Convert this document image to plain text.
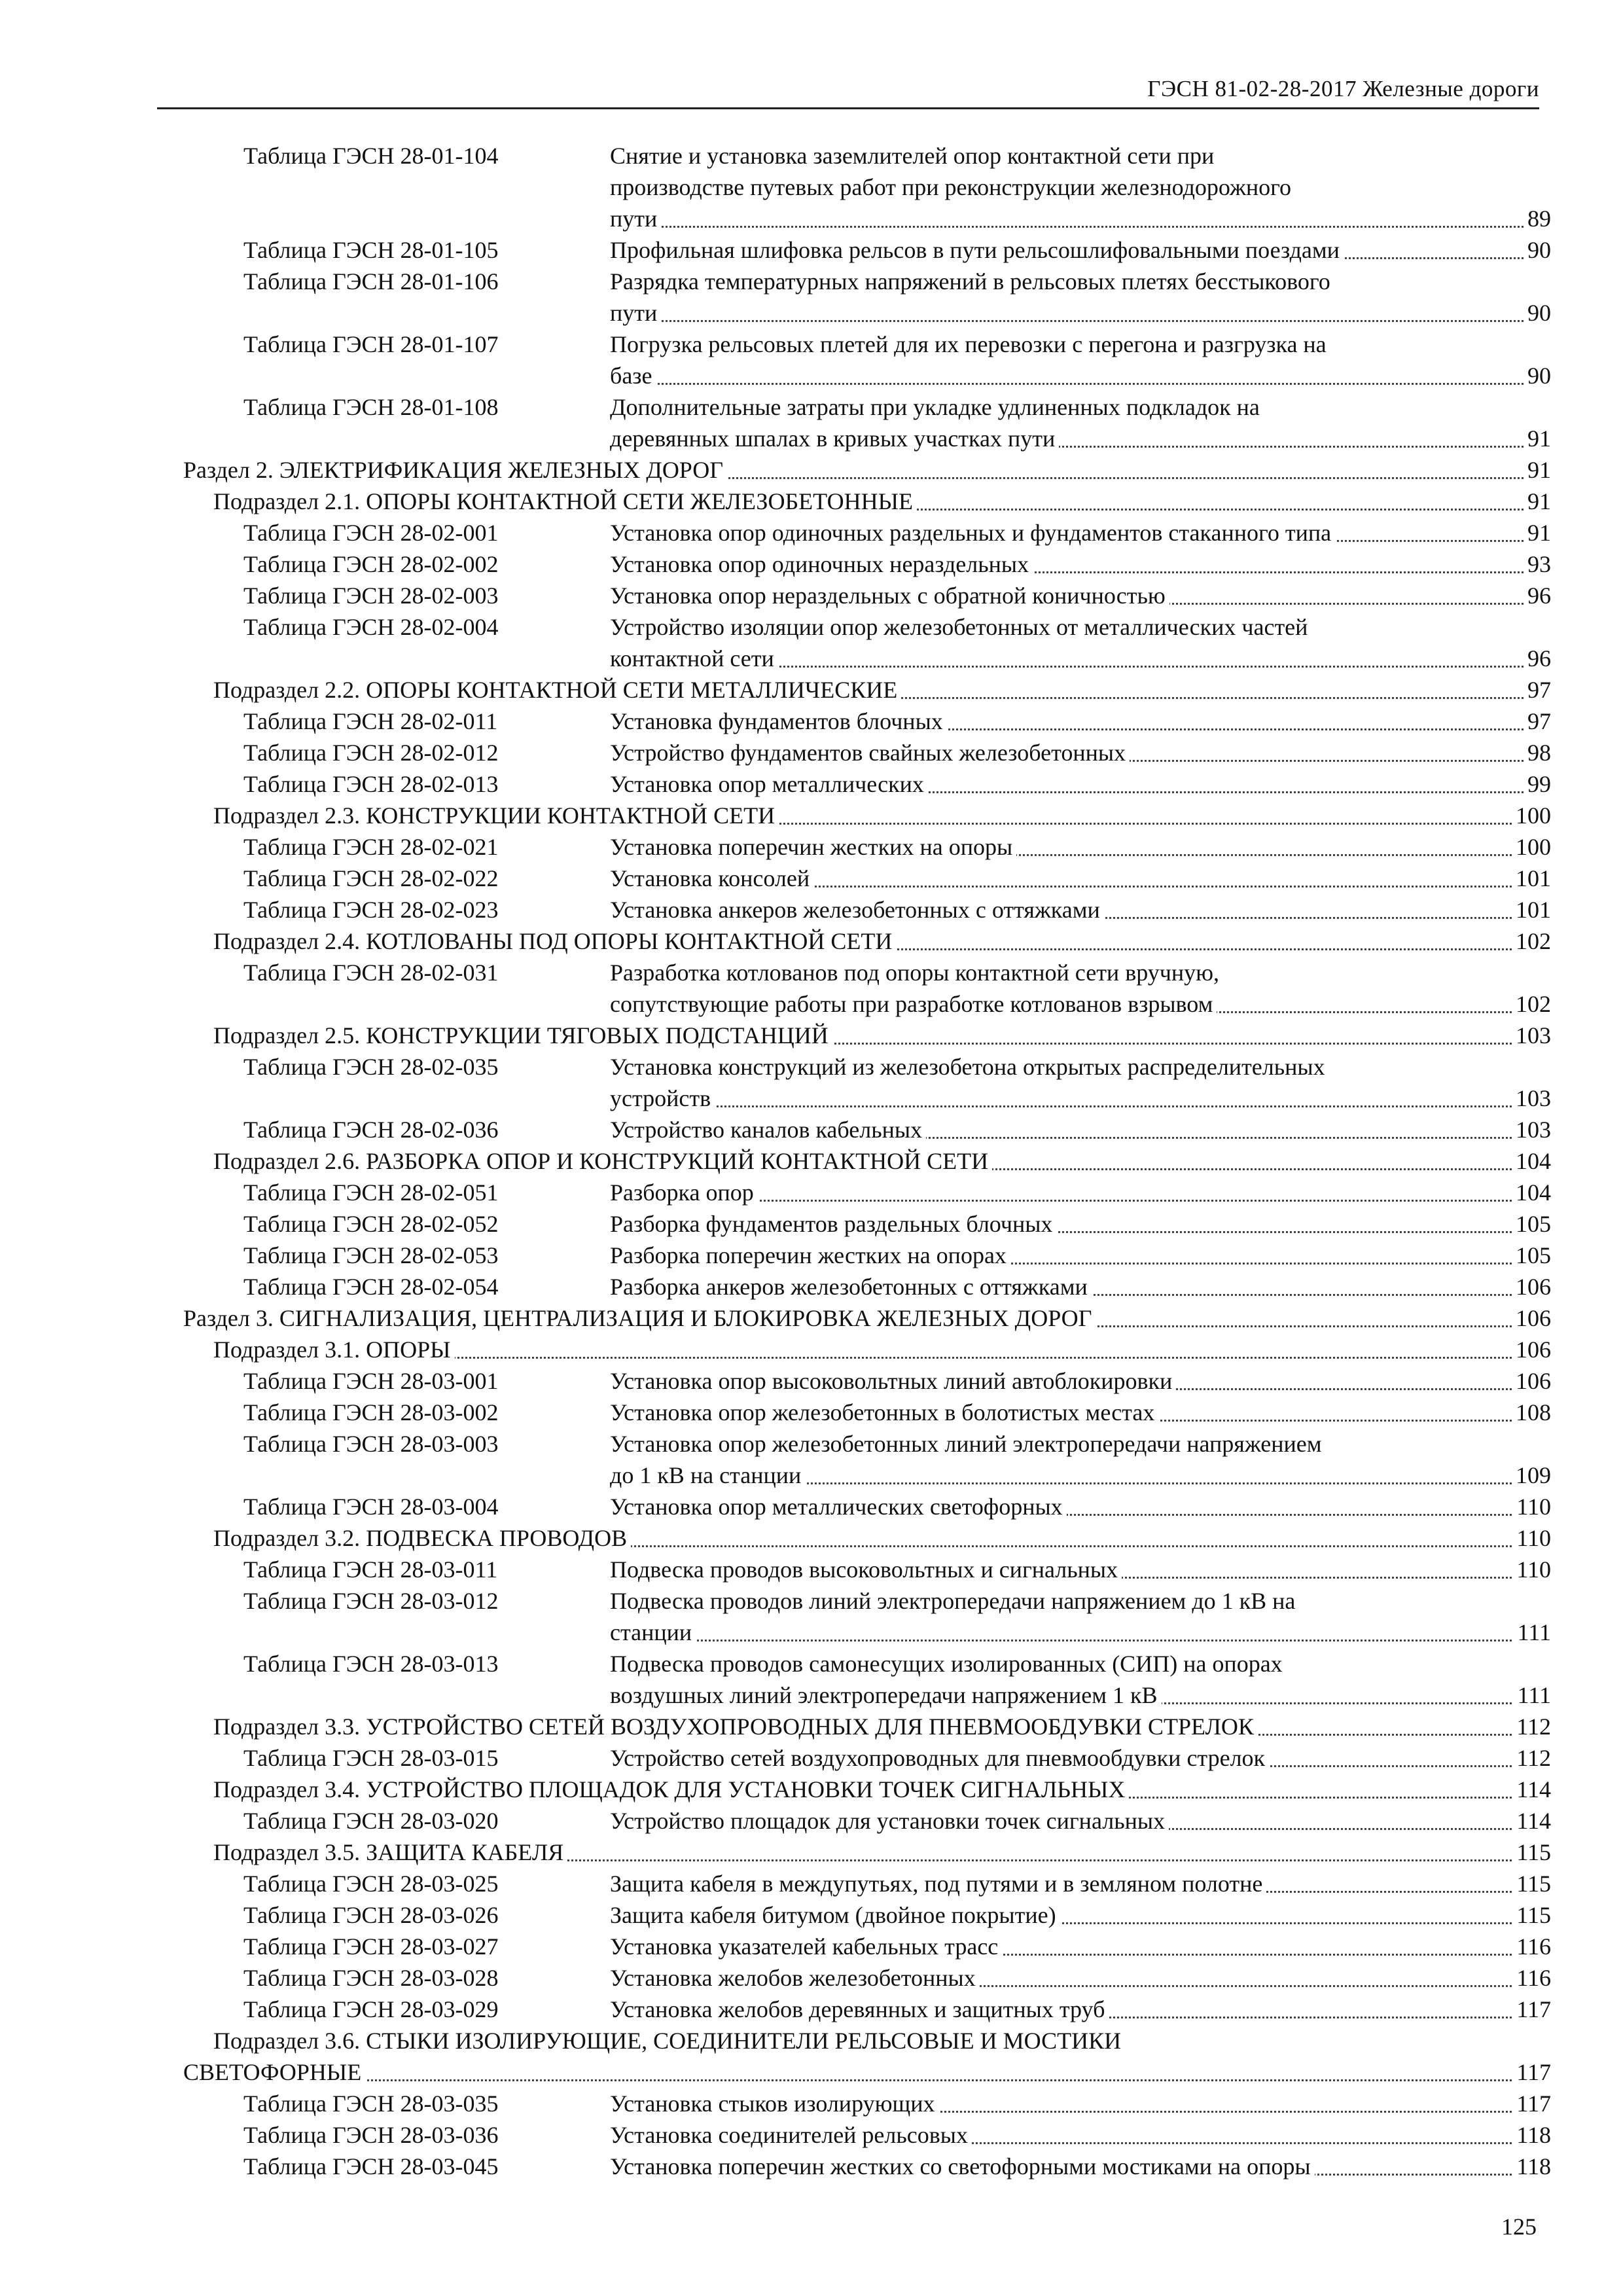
ГЭСН 81-02-28-2017 Железные дороги
Таблица ГЭСН 28-01-104	Снятие и установка заземлителей опор контактной сети при
производстве путевых работ при реконструкции железнодорожного
пути	89
Таблица ГЭСН 28-01-105	Профильная шлифовка рельсов в пути рельсошлифовальными поездами	90
Таблица ГЭСН 28-01-106	Разрядка температурных напряжений в рельсовых плетях бесстыкового
пути	90
Таблица ГЭСН 28-01-107	Погрузка рельсовых плетей для их перевозки с перегона и разгрузка на
базе	90
Таблица ГЭСН 28-01-108	Дополнительные затраты при укладке удлиненных подкладок на
деревянных шпалах в кривых участках пути	91
Раздел 2. ЭЛЕКТРИФИКАЦИЯ ЖЕЛЕЗНЫХ ДОРОГ	91
Подраздел 2.1. ОПОРЫ КОНТАКТНОЙ СЕТИ ЖЕЛЕЗОБЕТОННЫЕ	91
Таблица ГЭСН 28-02-001	Установка опор одиночных раздельных и фундаментов стаканного типа	91
Таблица ГЭСН 28-02-002	Установка опор одиночных нераздельных	93
Таблица ГЭСН 28-02-003	Установка опор нераздельных с обратной коничностью	96
Таблица ГЭСН 28-02-004	Устройство изоляции опор железобетонных от металлических частей
контактной сети	96
Подраздел 2.2. ОПОРЫ КОНТАКТНОЙ СЕТИ МЕТАЛЛИЧЕСКИЕ	97
Таблица ГЭСН 28-02-011	Установка фундаментов блочных	97
Таблица ГЭСН 28-02-012	Устройство фундаментов свайных железобетонных	98
Таблица ГЭСН 28-02-013	Установка опор металлических	99
Подраздел 2.3. КОНСТРУКЦИИ КОНТАКТНОЙ СЕТИ	100
Таблица ГЭСН 28-02-021	Установка поперечин жестких на опоры	100
Таблица ГЭСН 28-02-022	Установка консолей	101
Таблица ГЭСН 28-02-023	Установка анкеров железобетонных с оттяжками	101
Подраздел 2.4. КОТЛОВАНЫ ПОД ОПОРЫ КОНТАКТНОЙ СЕТИ	102
Таблица ГЭСН 28-02-031	Разработка котлованов под опоры контактной сети вручную,
сопутствующие работы при разработке котлованов взрывом	102
Подраздел 2.5. КОНСТРУКЦИИ ТЯГОВЫХ ПОДСТАНЦИЙ	103
Таблица ГЭСН 28-02-035	Установка конструкций из железобетона открытых распределительных
устройств	103
Таблица ГЭСН 28-02-036	Устройство каналов кабельных	103
Подраздел 2.6. РАЗБОРКА ОПОР И КОНСТРУКЦИЙ КОНТАКТНОЙ СЕТИ	104
Таблица ГЭСН 28-02-051	Разборка опор	104
Таблица ГЭСН 28-02-052	Разборка фундаментов раздельных блочных	105
Таблица ГЭСН 28-02-053	Разборка поперечин жестких на опорах	105
Таблица ГЭСН 28-02-054	Разборка анкеров железобетонных с оттяжками	106
Раздел 3. СИГНАЛИЗАЦИЯ, ЦЕНТРАЛИЗАЦИЯ И БЛОКИРОВКА ЖЕЛЕЗНЫХ ДОРОГ	106
Подраздел 3.1. ОПОРЫ	106
Таблица ГЭСН 28-03-001	Установка опор высоковольтных линий автоблокировки	106
Таблица ГЭСН 28-03-002	Установка опор железобетонных в болотистых местах	108
Таблица ГЭСН 28-03-003	Установка опор железобетонных линий электропередачи напряжением
до 1 кВ на станции	109
Таблица ГЭСН 28-03-004	Установка опор металлических светофорных	110
Подраздел 3.2. ПОДВЕСКА ПРОВОДОВ	110
Таблица ГЭСН 28-03-011	Подвеска проводов высоковольтных и сигнальных	110
Таблица ГЭСН 28-03-012	Подвеска проводов линий электропередачи напряжением до 1 кВ на
станции	111
Таблица ГЭСН 28-03-013	Подвеска проводов самонесущих изолированных (СИП) на опорах
воздушных линий электропередачи напряжением 1 кВ	111
Подраздел 3.3. УСТРОЙСТВО СЕТЕЙ ВОЗДУХОПРОВОДНЫХ ДЛЯ ПНЕВМООБДУВКИ СТРЕЛОК	112
Таблица ГЭСН 28-03-015	Устройство сетей воздухопроводных для пневмообдувки стрелок	112
Подраздел 3.4. УСТРОЙСТВО ПЛОЩАДОК ДЛЯ УСТАНОВКИ ТОЧЕК СИГНАЛЬНЫХ	114
Таблица ГЭСН 28-03-020	Устройство площадок для установки точек сигнальных	114
Подраздел 3.5. ЗАЩИТА КАБЕЛЯ	115
Таблица ГЭСН 28-03-025	Защита кабеля в междупутьях, под путями и в земляном полотне	115
Таблица ГЭСН 28-03-026	Защита кабеля битумом (двойное покрытие)	115
Таблица ГЭСН 28-03-027	Установка указателей кабельных трасс	116
Таблица ГЭСН 28-03-028	Установка желобов железобетонных	116
Таблица ГЭСН 28-03-029	Установка желобов деревянных и защитных труб	117
Подраздел 3.6. СТЫКИ ИЗОЛИРУЮЩИЕ, СОЕДИНИТЕЛИ РЕЛЬСОВЫЕ И МОСТИКИ
СВЕТОФОРНЫЕ	117
Таблица ГЭСН 28-03-035	Установка стыков изолирующих	117
Таблица ГЭСН 28-03-036	Установка соединителей рельсовых	118
Таблица ГЭСН 28-03-045	Установка поперечин жестких со светофорными мостиками на опоры	118
125
